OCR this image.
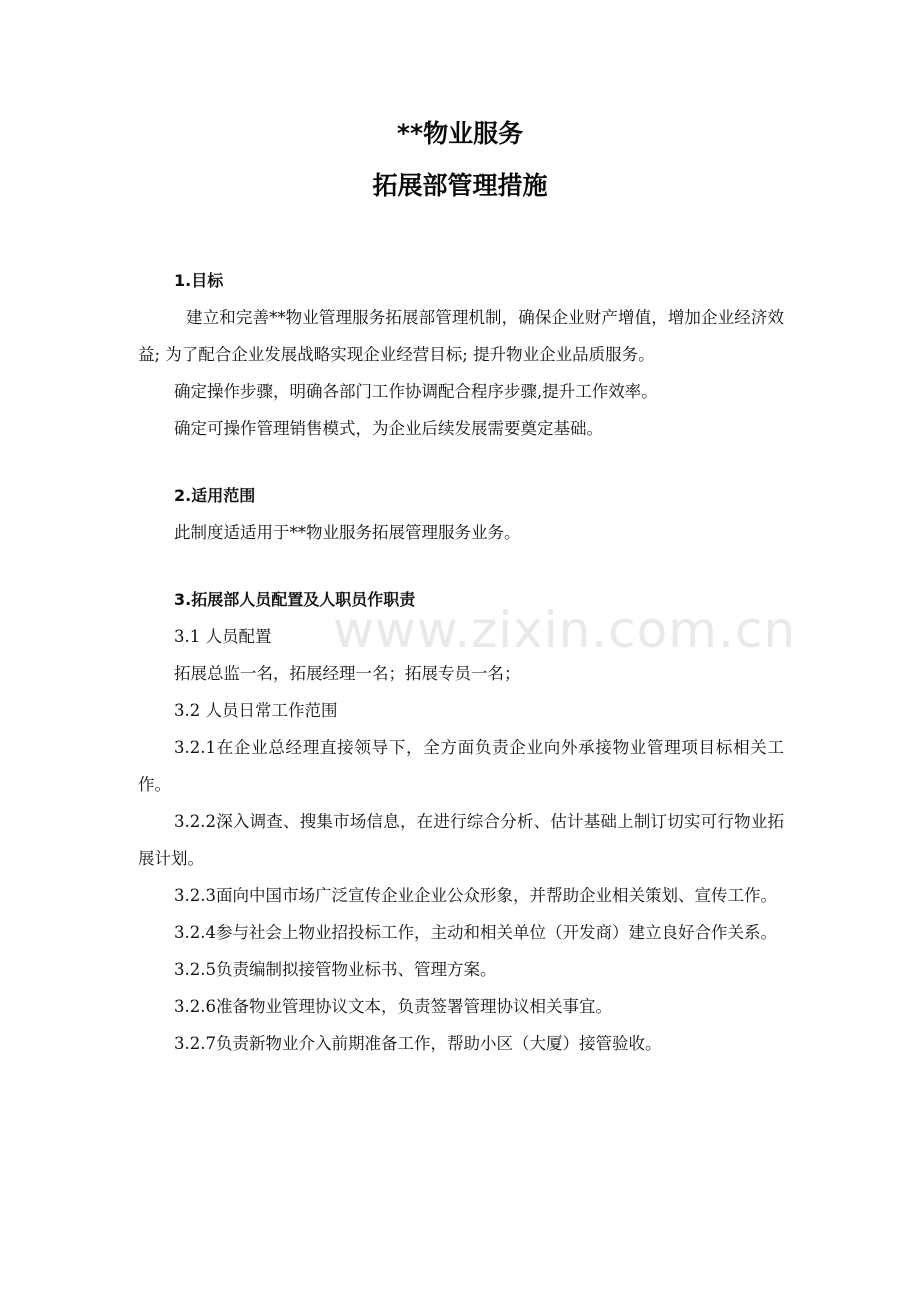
www.zixin.com.cn
**物业服务
拓展部管理措施

1.目标

建立和完善**物业管理服务拓展部管理机制，确保企业财产增值，增加企业经济效益; 为了配合企业发展战略实现企业经营目标; 提升物业企业品质服务。

确定操作步骤，明确各部门工作协调配合程序步骤,提升工作效率。

确定可操作管理销售模式，为企业后续发展需要奠定基础。

2.适用范围

此制度适适用于**物业服务拓展管理服务业务。

3.拓展部人员配置及人职员作职责

3.1 人员配置

拓展总监一名，拓展经理一名；拓展专员一名；

3.2 人员日常工作范围

3.2.1在企业总经理直接领导下，全方面负责企业向外承接物业管理项目标相关工作。

3.2.2深入调查、搜集市场信息，在进行综合分析、估计基础上制订切实可行物业拓展计划。

3.2.3面向中国市场广泛宣传企业企业公众形象，并帮助企业相关策划、宣传工作。

3.2.4参与社会上物业招投标工作，主动和相关单位（开发商）建立良好合作关系。

3.2.5负责编制拟接管物业标书、管理方案。

3.2.6准备物业管理协议文本，负责签署管理协议相关事宜。

3.2.7负责新物业介入前期准备工作，帮助小区（大厦）接管验收。
